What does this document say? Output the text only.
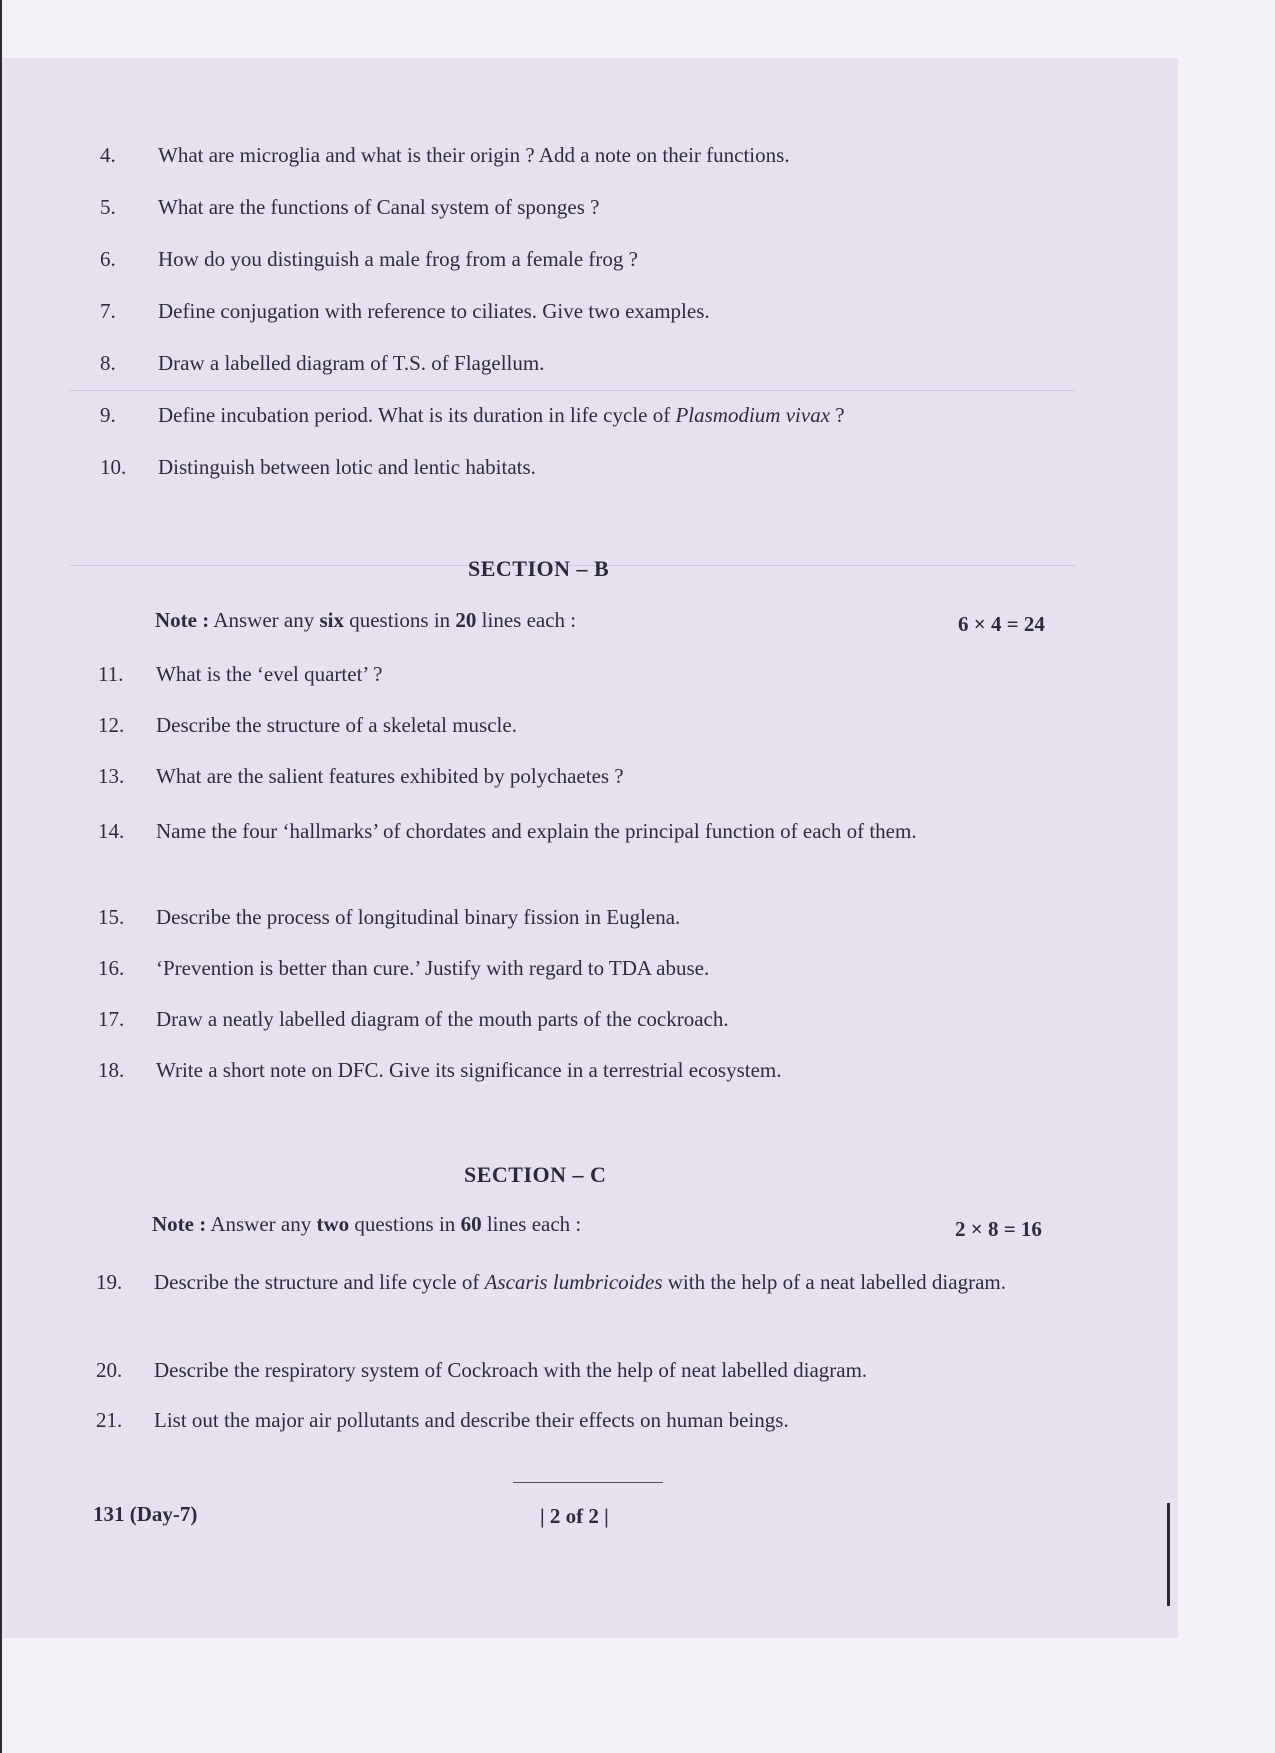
4. What are microglia and what is their origin ? Add a note on their functions.
5. What are the functions of Canal system of sponges ?
6. How do you distinguish a male frog from a female frog ?
7. Define conjugation with reference to ciliates. Give two examples.
8. Draw a labelled diagram of T.S. of Flagellum.
9. Define incubation period. What is its duration in life cycle of Plasmodium vivax ?
10. Distinguish between lotic and lentic habitats.
SECTION – B
Note : Answer any six questions in 20 lines each :	6 × 4 = 24
11. What is the ‘evel quartet’ ?
12. Describe the structure of a skeletal muscle.
13. What are the salient features exhibited by polychaetes ?
14. Name the four ‘hallmarks’ of chordates and explain the principal function of each of them.
15. Describe the process of longitudinal binary fission in Euglena.
16. ‘Prevention is better than cure.’ Justify with regard to TDA abuse.
17. Draw a neatly labelled diagram of the mouth parts of the cockroach.
18. Write a short note on DFC. Give its significance in a terrestrial ecosystem.
SECTION – C
Note : Answer any two questions in 60 lines each :	2 × 8 = 16
19. Describe the structure and life cycle of Ascaris lumbricoides with the help of a neat labelled diagram.
20. Describe the respiratory system of Cockroach with the help of neat labelled diagram.
21. List out the major air pollutants and describe their effects on human beings.
131 (Day-7)	| 2 of 2 |
